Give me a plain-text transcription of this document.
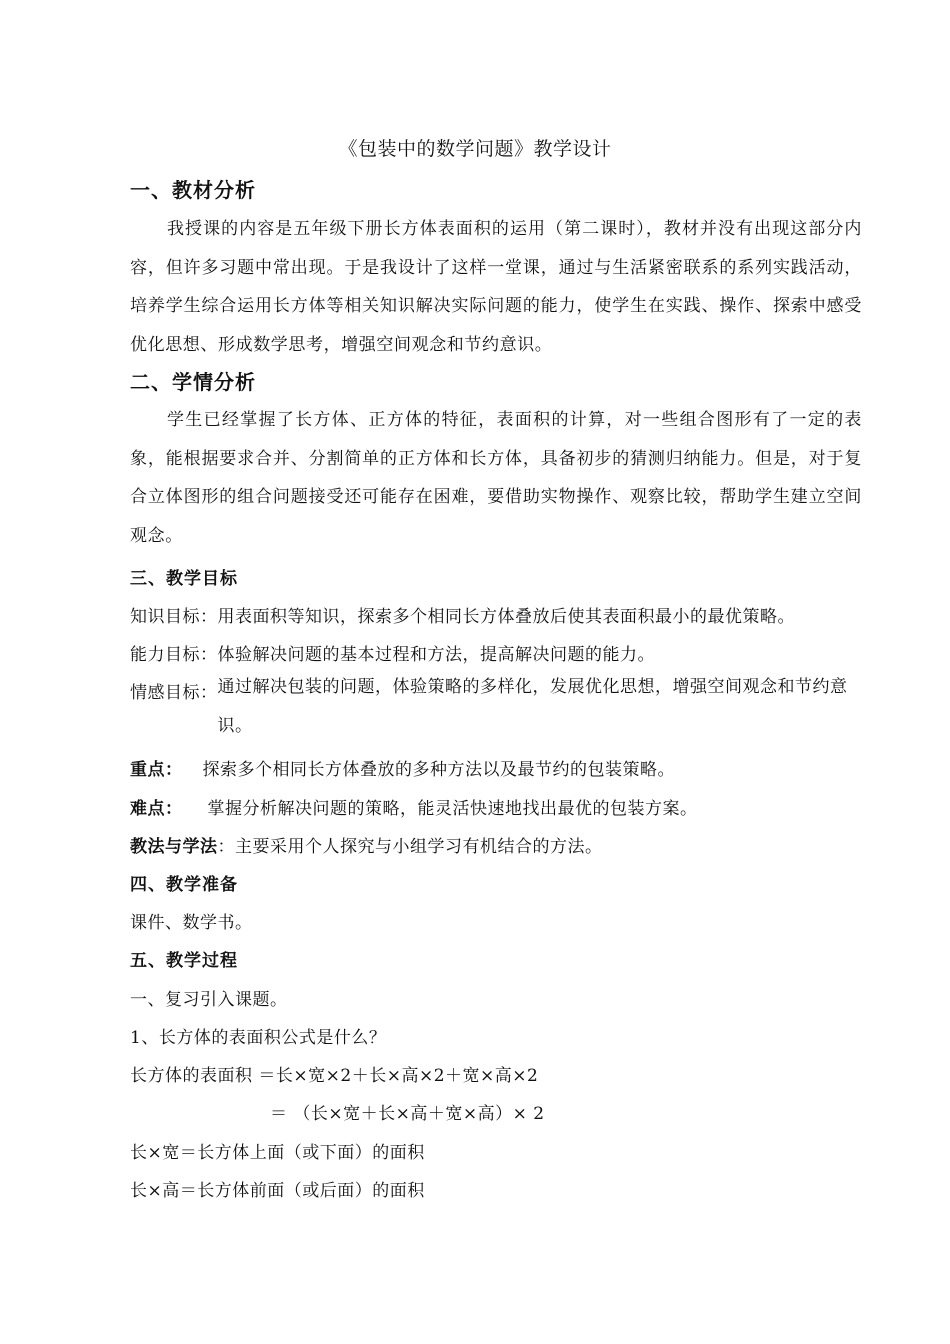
《包装中的数学问题》教学设计
一、教材分析
我授课的内容是五年级下册长方体表面积的运用（第二课时），教材并没有出现这部分内容，但许多习题中常出现。于是我设计了这样一堂课，通过与生活紧密联系的系列实践活动，培养学生综合运用长方体等相关知识解决实际问题的能力，使学生在实践、操作、探索中感受优化思想、形成数学思考，增强空间观念和节约意识。
二、学情分析
学生已经掌握了长方体、正方体的特征，表面积的计算，对一些组合图形有了一定的表象，能根据要求合并、分割简单的正方体和长方体，具备初步的猜测归纳能力。但是，对于复合立体图形的组合问题接受还可能存在困难，要借助实物操作、观察比较，帮助学生建立空间观念。
三、教学目标
知识目标： 用表面积等知识，探索多个相同长方体叠放后使其表面积最小的最优策略。
能力目标： 体验解决问题的基本过程和方法，提高解决问题的能力。
情感目标： 通过解决包装的问题，体验策略的多样化，发展优化思想，增强空间观念和节约意识。
重点： 探索多个相同长方体叠放的多种方法以及最节约的包装策略。
难点： 掌握分析解决问题的策略，能灵活快速地找出最优的包装方案。
教法与学法：主要采用个人探究与小组学习有机结合的方法。
四、教学准备
课件、数学书。
五、教学过程
一、复习引入课题。
1、长方体的表面积公式是什么？
长方体的表面积 ＝长×宽×2＋长×高×2＋宽×高×2
＝ （长×宽＋长×高＋宽×高）× 2
长×宽＝长方体上面（或下面）的面积
长×高＝长方体前面（或后面）的面积
